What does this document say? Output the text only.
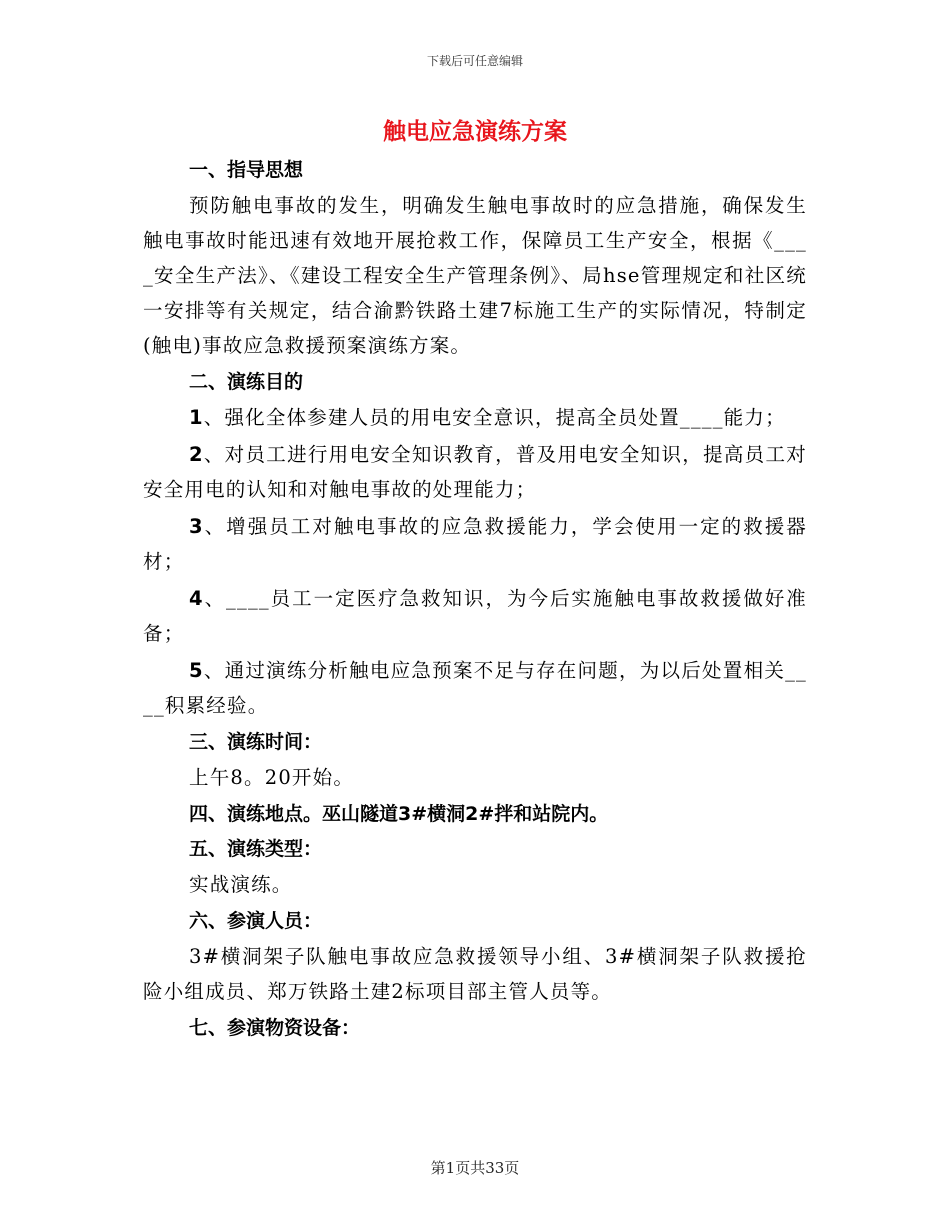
下载后可任意编辑
触电应急演练方案
一、指导思想

预防触电事故的发生，明确发生触电事故时的应急措施，确保发生触电事故时能迅速有效地开展抢救工作，保障员工生产安全，根据《____安全生产法》、《建设工程安全生产管理条例》、局hse管理规定和社区统一安排等有关规定，结合渝黔铁路土建7标施工生产的实际情况，特制定(触电)事故应急救援预案演练方案。

二、演练目的

1、强化全体参建人员的用电安全意识，提高全员处置____能力；

2、对员工进行用电安全知识教育，普及用电安全知识，提高员工对安全用电的认知和对触电事故的处理能力；

3、增强员工对触电事故的应急救援能力，学会使用一定的救援器材；

4、____员工一定医疗急救知识，为今后实施触电事故救援做好准备；

5、通过演练分析触电应急预案不足与存在问题，为以后处置相关____积累经验。

三、演练时间：

上午8。20开始。

四、演练地点。巫山隧道3#横洞2#拌和站院内。
五、演练类型：

实战演练。

六、参演人员：

3#横洞架子队触电事故应急救援领导小组、3#横洞架子队救援抢险小组成员、郑万铁路土建2标项目部主管人员等。

七、参演物资设备：
第1页共33页
